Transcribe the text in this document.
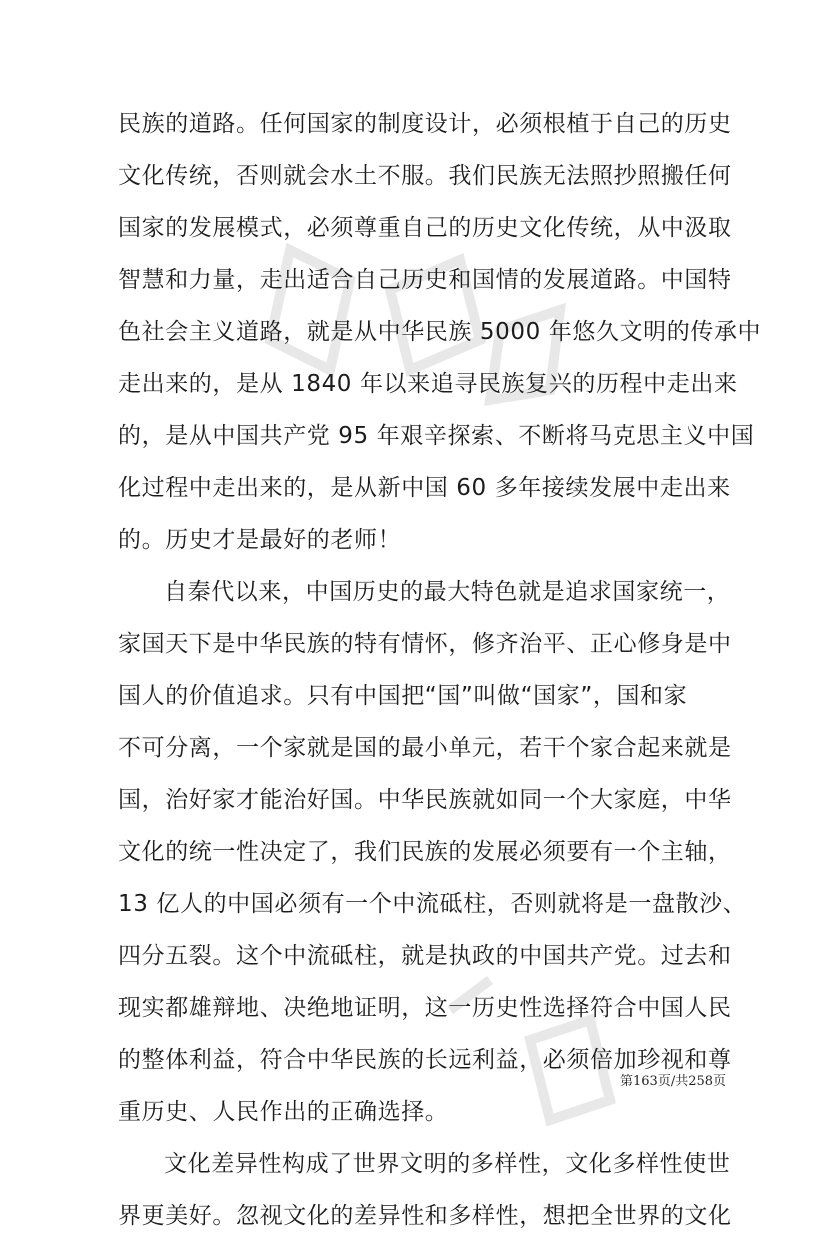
民族的道路。任何国家的制度设计，必须根植于自己的历史
文化传统，否则就会水土不服。我们民族无法照抄照搬任何
国家的发展模式，必须尊重自己的历史文化传统，从中汲取
智慧和力量，走出适合自己历史和国情的发展道路。中国特
色社会主义道路，就是从中华民族 5000 年悠久文明的传承中
走出来的，是从 1840 年以来追寻民族复兴的历程中走出来
的，是从中国共产党 95 年艰辛探索、不断将马克思主义中国
化过程中走出来的，是从新中国 60 多年接续发展中走出来
的。历史才是最好的老师！
自秦代以来，中国历史的最大特色就是追求国家统一，
家国天下是中华民族的特有情怀，修齐治平、正心修身是中
国人的价值追求。只有中国把“国”叫做“国家”，国和家
不可分离，一个家就是国的最小单元，若干个家合起来就是
国，治好家才能治好国。中华民族就如同一个大家庭，中华
文化的统一性决定了，我们民族的发展必须要有一个主轴，
13 亿人的中国必须有一个中流砥柱，否则就将是一盘散沙、
四分五裂。这个中流砥柱，就是执政的中国共产党。过去和
现实都雄辩地、决绝地证明，这一历史性选择符合中国人民
的整体利益，符合中华民族的长远利益，必须倍加珍视和尊
重历史、人民作出的正确选择。
文化差异性构成了世界文明的多样性，文化多样性使世
界更美好。忽视文化的差异性和多样性，想把全世界的文化
第163页/共258页
